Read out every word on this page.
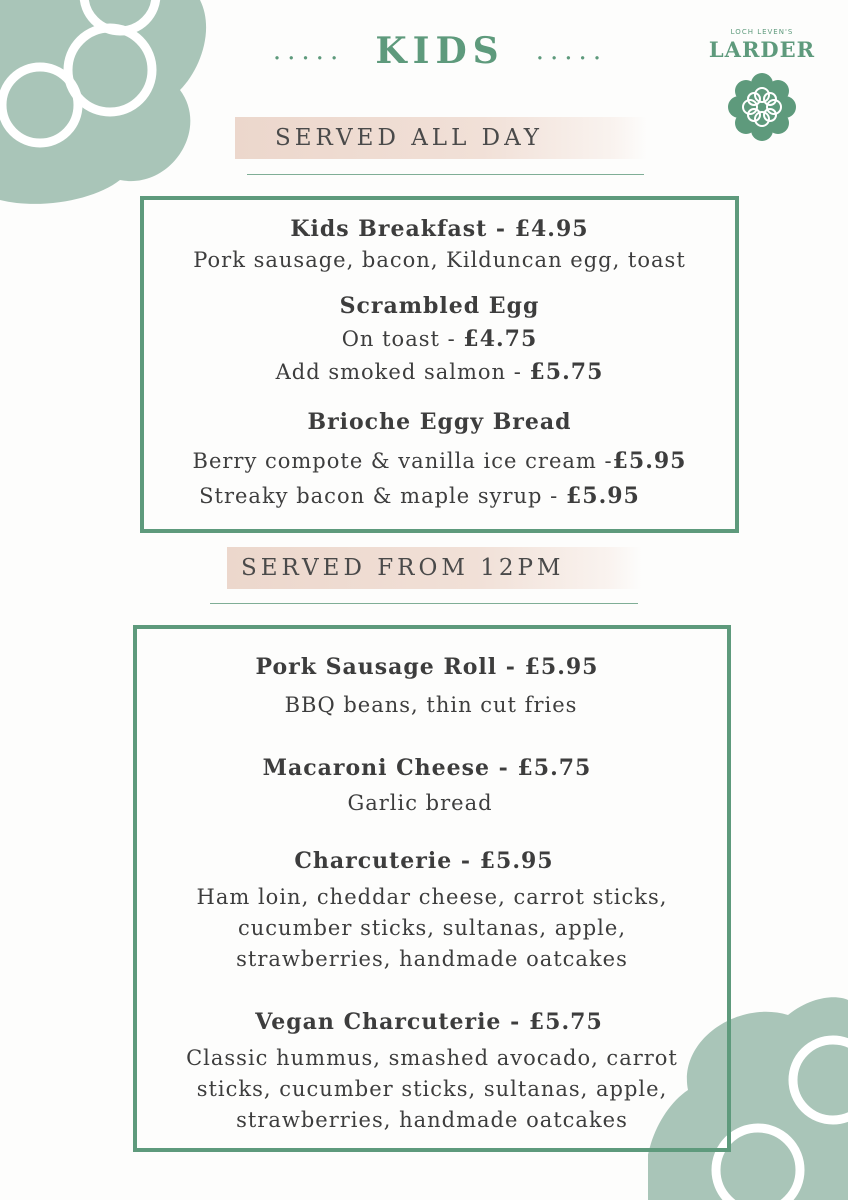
..... KIDS .....
LOCH LEVEN'S
LARDER
SERVED ALL DAY
Kids Breakfast - £4.95
Pork sausage, bacon, Kilduncan egg, toast
Scrambled Egg
On toast - £4.75
Add smoked salmon - £5.75
Brioche Eggy Bread
Berry compote & vanilla ice cream -£5.95
Streaky bacon & maple syrup - £5.95
SERVED FROM 12PM
Pork Sausage Roll - £5.95
BBQ beans, thin cut fries
Macaroni Cheese - £5.75
Garlic bread
Charcuterie - £5.95
Ham loin, cheddar cheese, carrot sticks,
cucumber sticks, sultanas, apple,
strawberries, handmade oatcakes
Vegan Charcuterie - £5.75
Classic hummus, smashed avocado, carrot
sticks, cucumber sticks, sultanas, apple,
strawberries, handmade oatcakes
